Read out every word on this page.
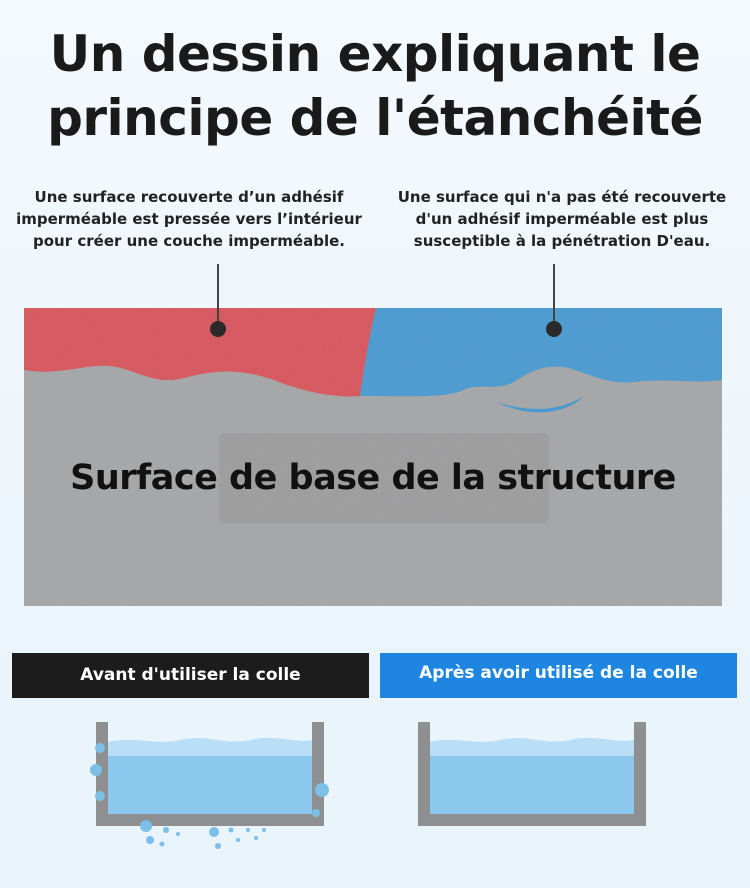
Un dessin expliquant le
principe de l'étanchéité
Une surface recouverte d’un adhésif
imperméable est pressée vers l’intérieur
pour créer une couche imperméable.
Une surface qui n'a pas été recouverte
d'un adhésif imperméable est plus
susceptible à la pénétration D'eau.
Surface de base de la structure
Avant d'utiliser la colle	Après avoir utilisé de la colle
